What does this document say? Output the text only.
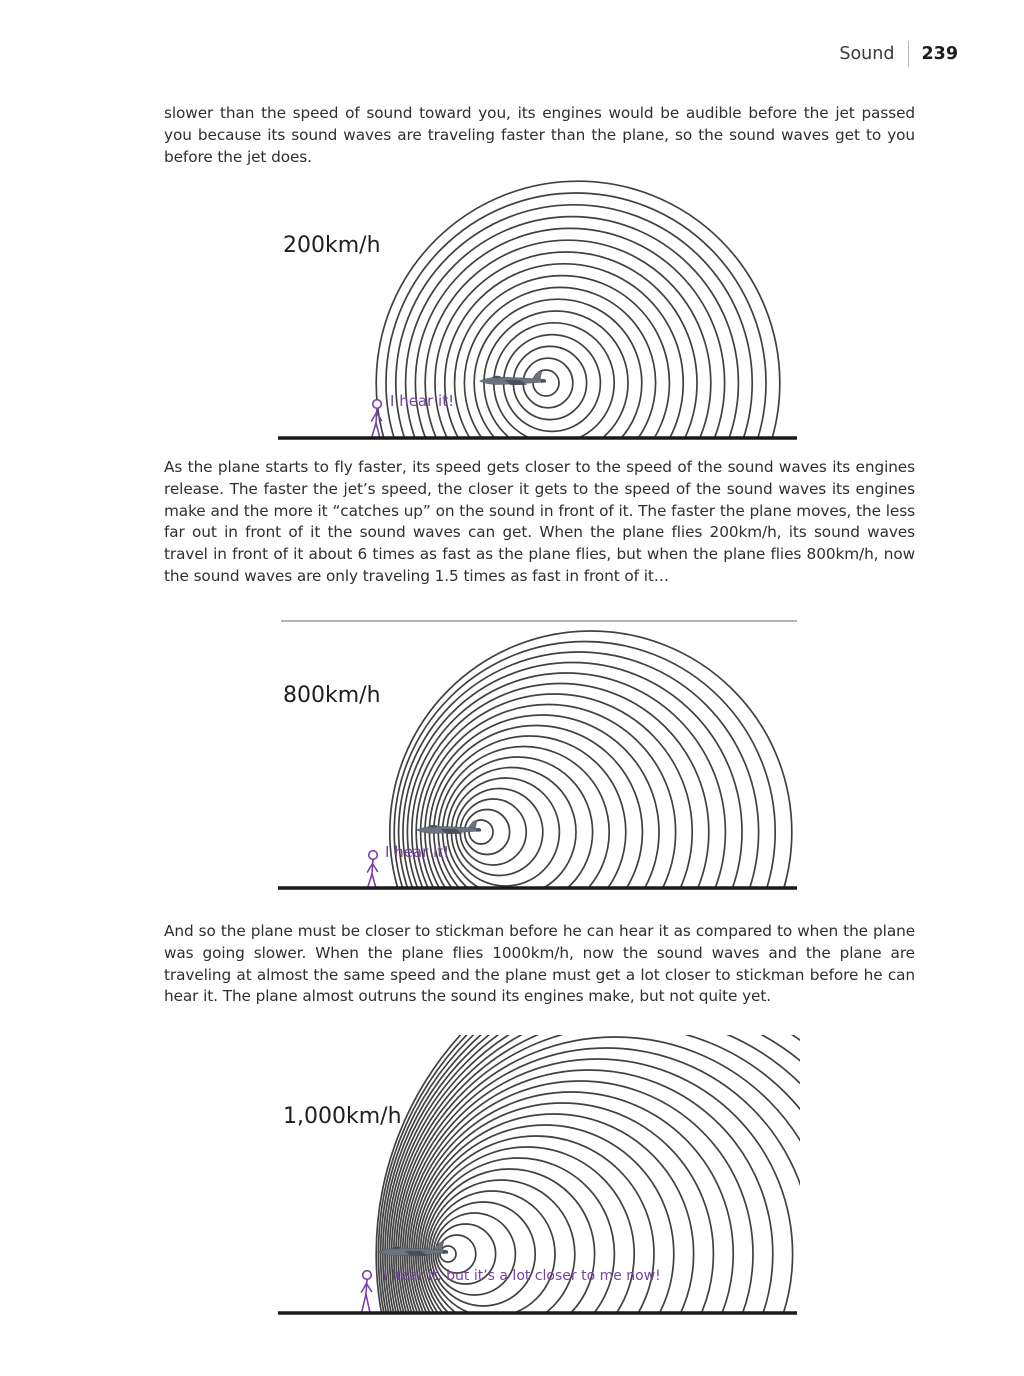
Sound 239

slower than the speed of sound toward you, its engines would be audible before the jet passed you because its sound waves are traveling faster than the plane, so the sound waves get to you before the jet does.

I hear it!
200km/h

As the plane starts to fly faster, its speed gets closer to the speed of the sound waves its engines release. The faster the jet’s speed, the closer it gets to the speed of the sound waves its engines make and the more it “catches up” on the sound in front of it. The faster the plane moves, the less far out in front of it the sound waves can get. When the plane flies 200km/h, its sound waves travel in front of it about 6 times as fast as the plane flies, but when the plane flies 800km/h, now the sound waves are only traveling 1.5 times as fast in front of it…

I hear it!
800km/h

And so the plane must be closer to stickman before he can hear it as compared to when the plane was going slower. When the plane flies 1000km/h, now the sound waves and the plane are traveling at almost the same speed and the plane must get a lot closer to stickman before he can hear it. The plane almost outruns the sound its engines make, but not quite yet.

I hear it, but it’s a lot closer to me now!
1,000km/h
